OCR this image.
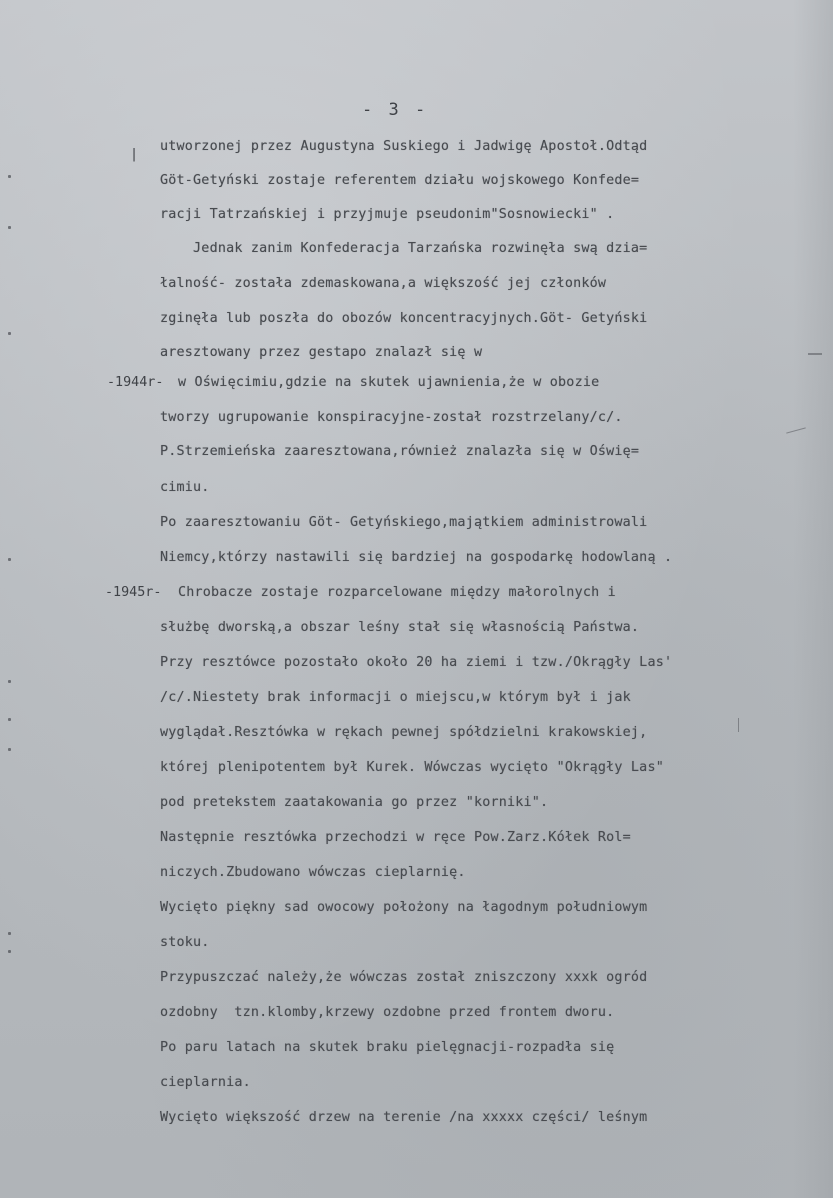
- 3 -
|
utworzonej przez Augustyna Suskiego i Jadwigę Apostoł.Odtąd
Göt-Getyński zostaje referentem działu wojskowego Konfede=
racji Tatrzańskiej i przyjmuje pseudonim"Sosnowiecki" .
Jednak zanim Konfederacja Tarzańska rozwinęła swą dzia=
łalność- została zdemaskowana,a większość jej członków
zginęła lub poszła do obozów koncentracyjnych.Göt- Getyński
aresztowany przez gestapo znalazł się w
-1944r- w Oświęcimiu,gdzie na skutek ujawnienia,że w obozie
tworzy ugrupowanie konspiracyjne-został rozstrzelany/c/.
P.Strzemieńska zaaresztowana,również znalazła się w Oświę=
cimiu.
Po zaaresztowaniu Göt- Getyńskiego,majątkiem administrowali
Niemcy,którzy nastawili się bardziej na gospodarkę hodowlaną .
-1945r- Chrobacze zostaje rozparcelowane między małorolnych i
służbę dworską,a obszar leśny stał się własnością Państwa.
Przy resztówce pozostało około 20 ha ziemi i tzw./Okrągły Las'
/c/.Niestety brak informacji o miejscu,w którym był i jak
wyglądał.Resztówka w rękach pewnej spółdzielni krakowskiej,
której plenipotentem był Kurek. Wówczas wycięto "Okrągły Las"
pod pretekstem zaatakowania go przez "korniki".
Następnie resztówka przechodzi w ręce Pow.Zarz.Kółek Rol=
niczych.Zbudowano wówczas cieplarnię.
Wycięto piękny sad owocowy położony na łagodnym południowym
stoku.
Przypuszczać należy,że wówczas został zniszczony xxxk ogród
ozdobny  tzn.klomby,krzewy ozdobne przed frontem dworu.
Po paru latach na skutek braku pielęgnacji-rozpadła się
cieplarnia.
Wycięto większość drzew na terenie /na xxxxx części/ leśnym
